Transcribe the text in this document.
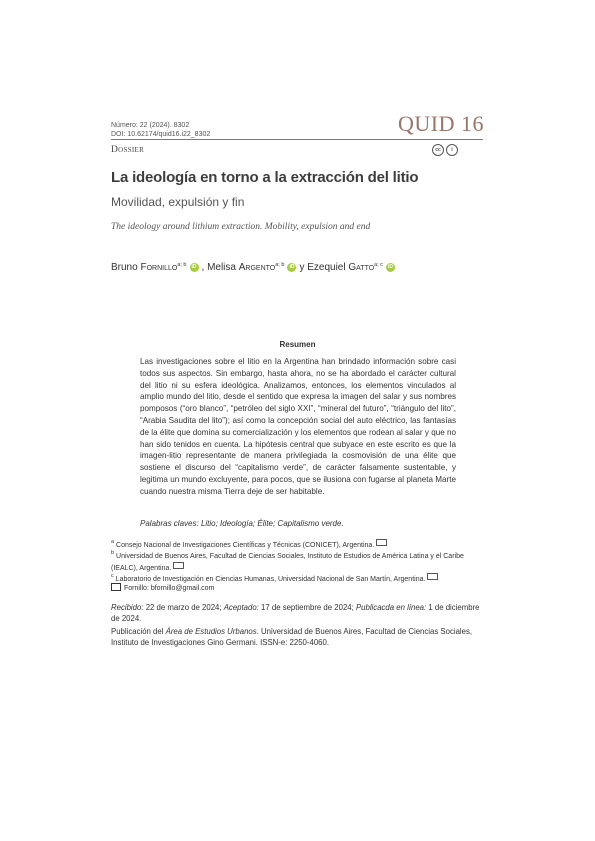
Número: 22 (2024). 8302
DOI: 10.62174/quid16.i22_8302	QUID 16
Dossier	cc	i
La ideología en torno a la extracción del litio
Movilidad, expulsión y fin
The ideology around lithium extraction. Mobility, expulsion and end
Bruno Fornillo$^{a; b}$	iD ,
Melisa Argento$^{a; b}$	iD y
Ezequiel Gatto$^{a; c}$	iD
Resumen

Las investigaciones sobre el litio en la Argentina han brindado información sobre casi todos sus aspectos. Sin embargo, hasta ahora, no se ha abordado el carácter cultural del litio ni su esfera ideológica. Analizamos, entonces, los elementos vinculados al amplio mundo del litio, desde el sentido que expresa la imagen del salar y sus nombres pomposos (“oro blanco”, “petróleo del siglo XXI”, “mineral del futuro”, “triángulo del lito”, “Arabia Saudita del lito”); así como la concepción social del auto eléctrico, las fantasías de la élite que domina su comercialización y los elementos que rodean al salar y que no han sido tenidos en cuenta. La hipótesis central que subyace en este escrito es que la imagen-litio representante de manera privilegiada la cosmovisión de una élite que sostiene el discurso del “capitalismo verde”, de carácter falsamente sustentable, y legitima un mundo excluyente, para pocos, que se ilusiona con fugarse al planeta Marte cuando nuestra misma Tierra deje de ser habitable.

Palabras claves: Litio; Ideología; Élite; Capitalismo verde.

$^a$ Consejo Nacional de Investigaciones Científicas y Técnicas (CONICET), Argentina.

$^b$ Universidad de Buenos Aires, Facultad de Ciencias Sociales, Instituto de Estudios de América Latina y el Caribe (IEALC), Argentina.

$^c$ Laboratorio de Investigación en Ciencias Humanas, Universidad Nacional de San Martín, Argentina.

Fornillo: bfornillo@gmail.com

Recibido: 22 de marzo de 2024; Aceptado: 17 de septiembre de 2024; Publicacda en línea: 1 de diciembre de 2024.

Publicación del Área de Estudios Urbanos. Universidad de Buenos Aires, Facultad de Ciencias Sociales, Instituto de Investigaciones Gino Germani. ISSN-e: 2250-4060.
